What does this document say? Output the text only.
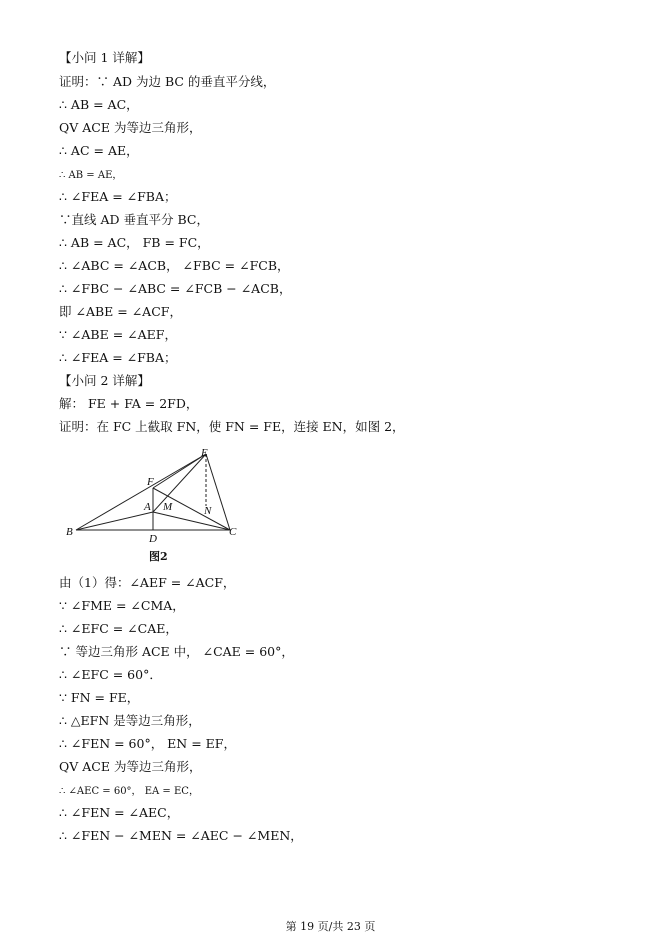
【小问 1 详解】
证明：∵ AD 为边 BC 的垂直平分线，
∴ AB = AC，
QV ACE 为等边三角形，
∴ AC = AE，
∴ AB = AE，
∴ ∠FEA = ∠FBA；
∵直线 AD 垂直平分 BC，
∴ AB = AC， FB = FC，
∴ ∠ABC = ∠ACB， ∠FBC = ∠FCB，
∴ ∠FBC − ∠ABC = ∠FCB − ∠ACB，
即 ∠ABE = ∠ACF，
∵ ∠ABE = ∠AEF，
∴ ∠FEA = ∠FBA；
【小问 2 详解】
解： FE + FA = 2FD，
证明：在 FC 上截取 FN，使 FN = FE，连接 EN，如图 2，
E
F
A M	N
B
D
C
图2
由（1）得：∠AEF = ∠ACF，
∵ ∠FME = ∠CMA，
∴ ∠EFC = ∠CAE，
∵ 等边三角形 ACE 中， ∠CAE = 60°，
∴ ∠EFC = 60°．
∵ FN = FE，
∴ △EFN 是等边三角形，
∴ ∠FEN = 60°， EN = EF，
QV ACE 为等边三角形，
∴ ∠AEC = 60°， EA = EC，
∴ ∠FEN = ∠AEC，
∴ ∠FEN − ∠MEN = ∠AEC − ∠MEN，
第 19 页/共 23 页
